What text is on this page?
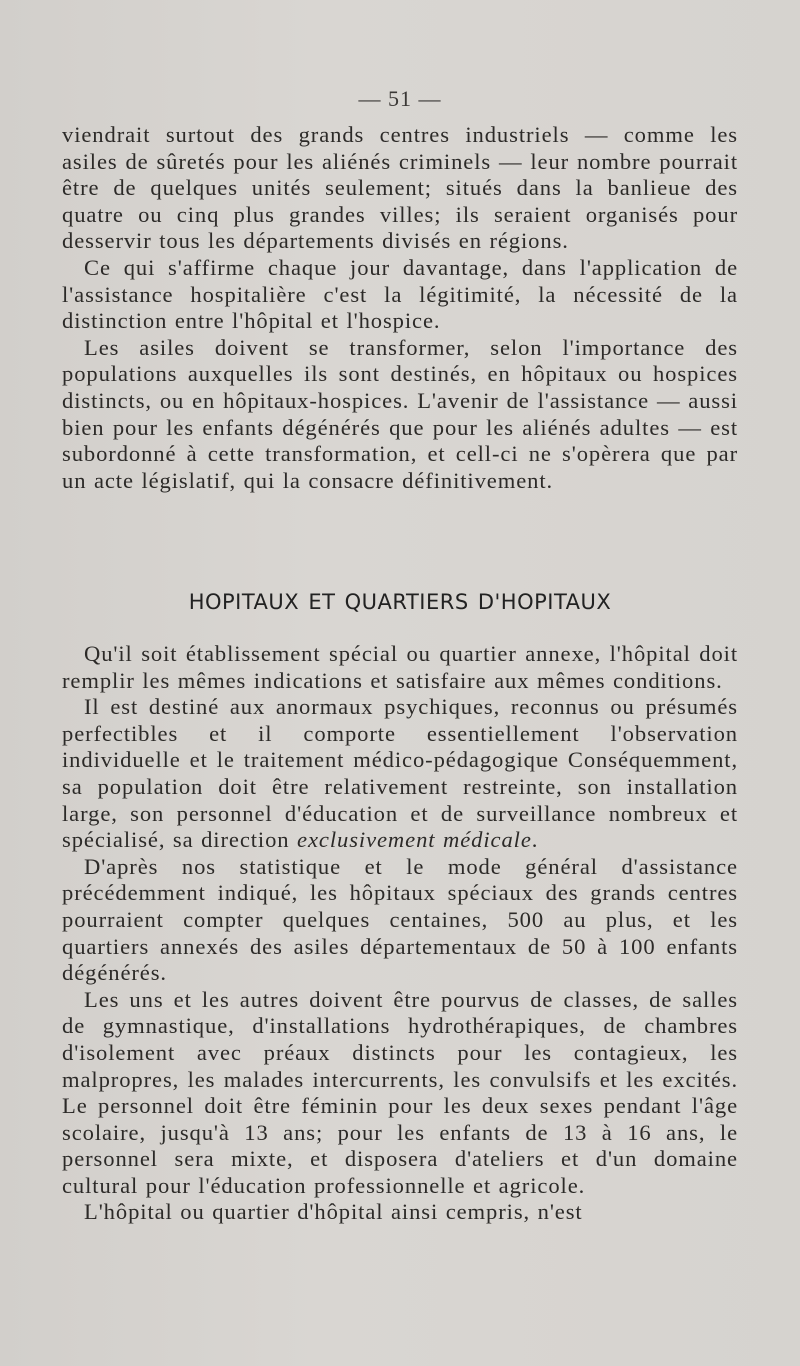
— 51 —

viendrait surtout des grands centres industriels — comme les asiles de sûretés pour les aliénés criminels — leur nombre pourrait être de quelques unités seulement; situés dans la banlieue des quatre ou cinq plus grandes villes; ils seraient organisés pour desservir tous les départements divisés en régions.

Ce qui s'affirme chaque jour davantage, dans l'application de l'assistance hospitalière c'est la légitimité, la nécessité de la distinction entre l'hôpital et l'hospice.

Les asiles doivent se transformer, selon l'importance des populations auxquelles ils sont destinés, en hôpitaux ou hospices distincts, ou en hôpitaux-hospices. L'avenir de l'assistance — aussi bien pour les enfants dégénérés que pour les aliénés adultes — est subordonné à cette transformation, et cell-ci ne s'opèrera que par un acte législatif, qui la consacre définitivement.

HOPITAUX ET QUARTIERS D'HOPITAUX

Qu'il soit établissement spécial ou quartier annexe, l'hôpital doit remplir les mêmes indications et satisfaire aux mêmes conditions.

Il est destiné aux anormaux psychiques, reconnus ou présumés perfectibles et il comporte essentiellement l'observation individuelle et le traitement médico-pédagogique Conséquemment, sa population doit être relativement restreinte, son installation large, son personnel d'éducation et de surveillance nombreux et spécialisé, sa direction exclusivement médicale.

D'après nos statistique et le mode général d'assistance précédemment indiqué, les hôpitaux spéciaux des grands centres pourraient compter quelques centaines, 500 au plus, et les quartiers annexés des asiles départementaux de 50 à 100 enfants dégénérés.

Les uns et les autres doivent être pourvus de classes, de salles de gymnastique, d'installations hydrothérapiques, de chambres d'isolement avec préaux distincts pour les contagieux, les malpropres, les malades intercurrents, les convulsifs et les excités. Le personnel doit être féminin pour les deux sexes pendant l'âge scolaire, jusqu'à 13 ans; pour les enfants de 13 à 16 ans, le personnel sera mixte, et disposera d'ateliers et d'un domaine cultural pour l'éducation professionnelle et agricole.

L'hôpital ou quartier d'hôpital ainsi cempris, n'est
